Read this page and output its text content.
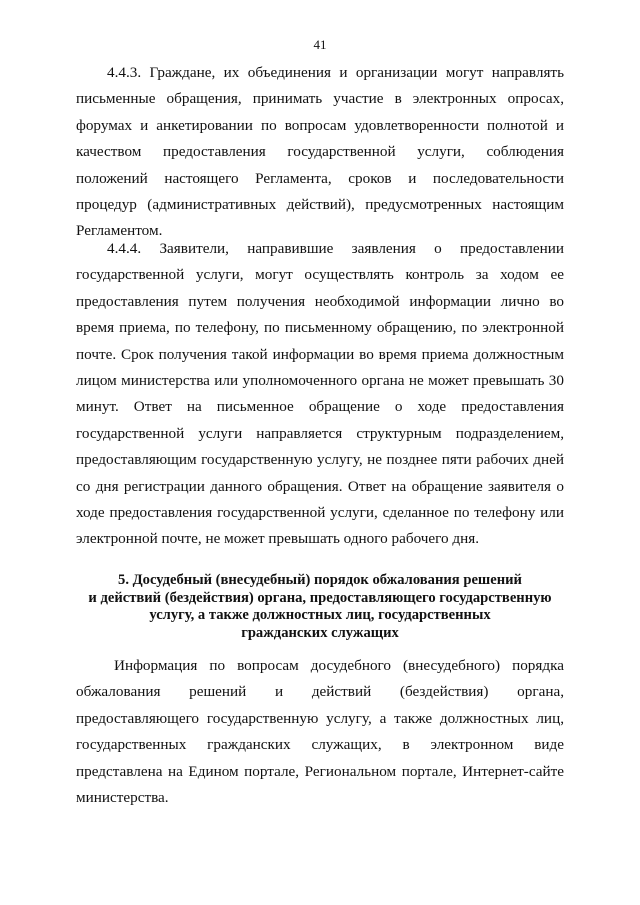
41

4.4.3. Граждане, их объединения и организации могут направлять письменные обращения, принимать участие в электронных опросах, форумах и анкетировании по вопросам удовлетворенности полнотой и качеством предоставления государственной услуги, соблюдения положений настоящего Регламента, сроков и последовательности процедур (административных действий), предусмотренных настоящим Регламентом.

4.4.4. Заявители, направившие заявления о предоставлении государственной услуги, могут осуществлять контроль за ходом ее предоставления путем получения необходимой информации лично во время приема, по телефону, по письменному обращению, по электронной почте. Срок получения такой информации во время приема должностным лицом министерства или уполномоченного органа не может превышать 30 минут. Ответ на письменное обращение о ходе предоставления государственной услуги направляется структурным подразделением, предоставляющим государственную услугу, не позднее пяти рабочих дней со дня регистрации данного обращения. Ответ на обращение заявителя о ходе предоставления государственной услуги, сделанное по телефону или электронной почте, не может превышать одного рабочего дня.

5. Досудебный (внесудебный) порядок обжалования решений
и действий (бездействия) органа, предоставляющего государственную
услугу, а также должностных лиц, государственных
гражданских служащих

Информация по вопросам досудебного (внесудебного) порядка обжалования решений и действий (бездействия) органа, предоставляющего государственную услугу, а также должностных лиц, государственных гражданских служащих, в электронном виде представлена на Едином портале, Региональном портале, Интернет-сайте министерства.
